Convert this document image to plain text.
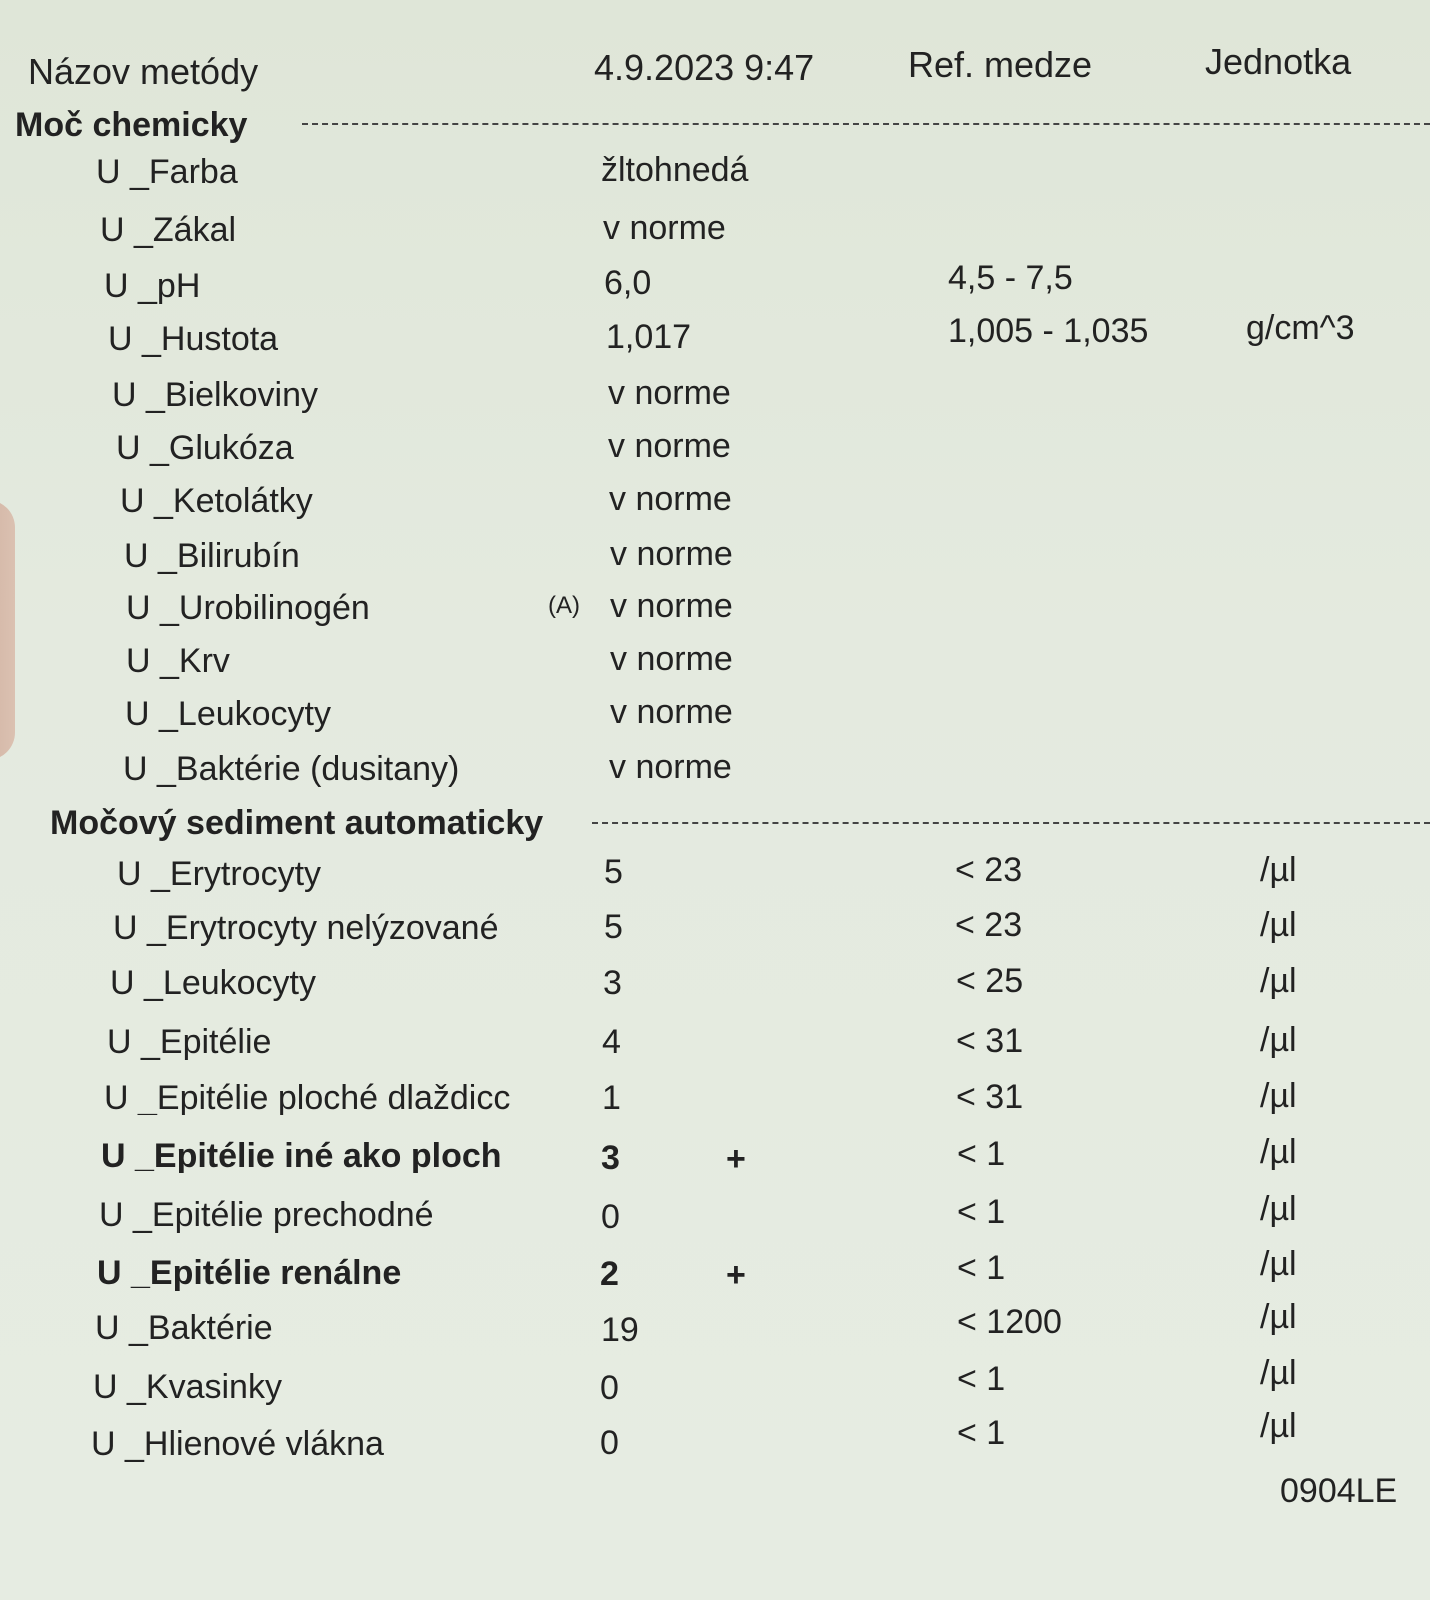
Názov metódy	4.9.2023 9:47	Ref. medze	Jednotka
Moč chemicky
U _Farba	žltohnedá
U _Zákal	v norme
U _pH	6,0	4,5 - 7,5
U _Hustota	1,017	1,005 - 1,035	g/cm^3
U _Bielkoviny	v norme
U _Glukóza	v norme
U _Ketolátky	v norme
U _Bilirubín	v norme
U _Urobilinogén	(A) v norme
U _Krv	v norme
U _Leukocyty	v norme
U _Baktérie (dusitany)	v norme
Močový sediment automaticky
U _Erytrocyty	5	< 23	/µl
U _Erytrocyty nelýzované	5	< 23	/µl
U _Leukocyty	3	< 25	/µl
U _Epitélie	4	< 31	/µl
U _Epitélie ploché dlaždicc	1	< 31	/µl
U _Epitélie iné ako ploch	3	+	< 1	/µl
U _Epitélie prechodné	0	< 1	/µl
U _Epitélie renálne	2	+	< 1	/µl
U _Baktérie	19	< 1200	/µl
U _Kvasinky	0	< 1	/µl
U _Hlienové vlákna	0	< 1	/µl
0904LE
